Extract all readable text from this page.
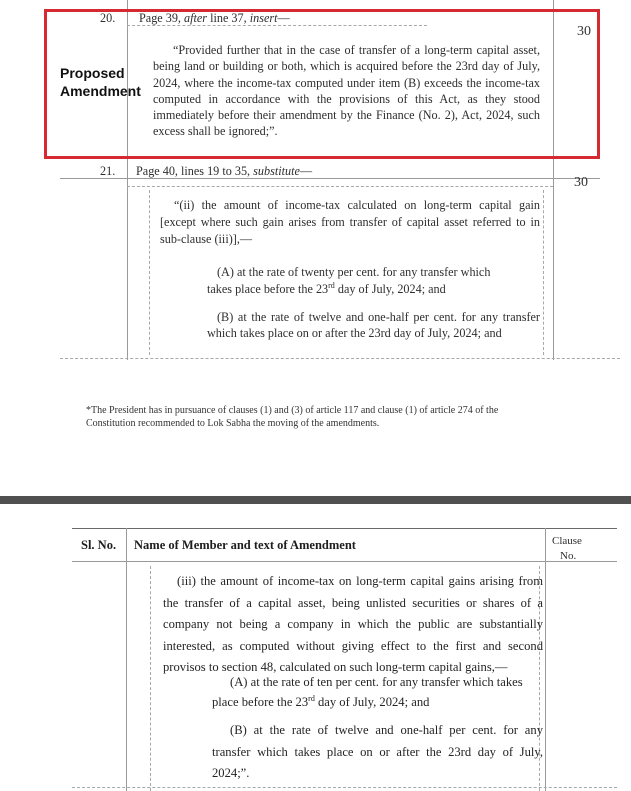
20. Page 39, after line 37, insert—
30
Proposed
Amendment
“Provided further that in the case of transfer of a long-term capital asset, being land or building or both, which is acquired before the 23rd day of July, 2024, where the income-tax computed under item (B) exceeds the income-tax computed in accordance with the provisions of this Act, as they stood immediately before their amendment by the Finance (No. 2), Act, 2024, such excess shall be ignored;”.
21. Page 40, lines 19 to 35, substitute—
30
“(ii) the amount of income-tax calculated on long-term capital gain [except where such gain arises from transfer of capital asset referred to in sub-clause (iii)],—
(A) at the rate of twenty per cent. for any transfer which
takes place before the 23rd day of July, 2024; and
(B) at the rate of twelve and one-half per cent. for any transfer which takes place on or after the 23rd day of July, 2024; and
*The President has in pursuance of clauses (1) and (3) of article 117 and clause (1) of article 274 of the
Constitution recommended to Lok Sabha the moving of the amendments.
Sl. No. Name of Member and text of Amendment	Clause
No.
(iii) the amount of income-tax on long-term capital gains arising from the transfer of a capital asset, being unlisted securities or shares of a company not being a company in which the public are substantially interested, as computed without giving effect to the first and second provisos to section 48, calculated on such long-term capital gains,—
(A) at the rate of ten per cent. for any transfer which takes
place before the 23rd day of July, 2024; and
(B) at the rate of twelve and one-half per cent. for any transfer which takes place on or after the 23rd day of July, 2024;”.
